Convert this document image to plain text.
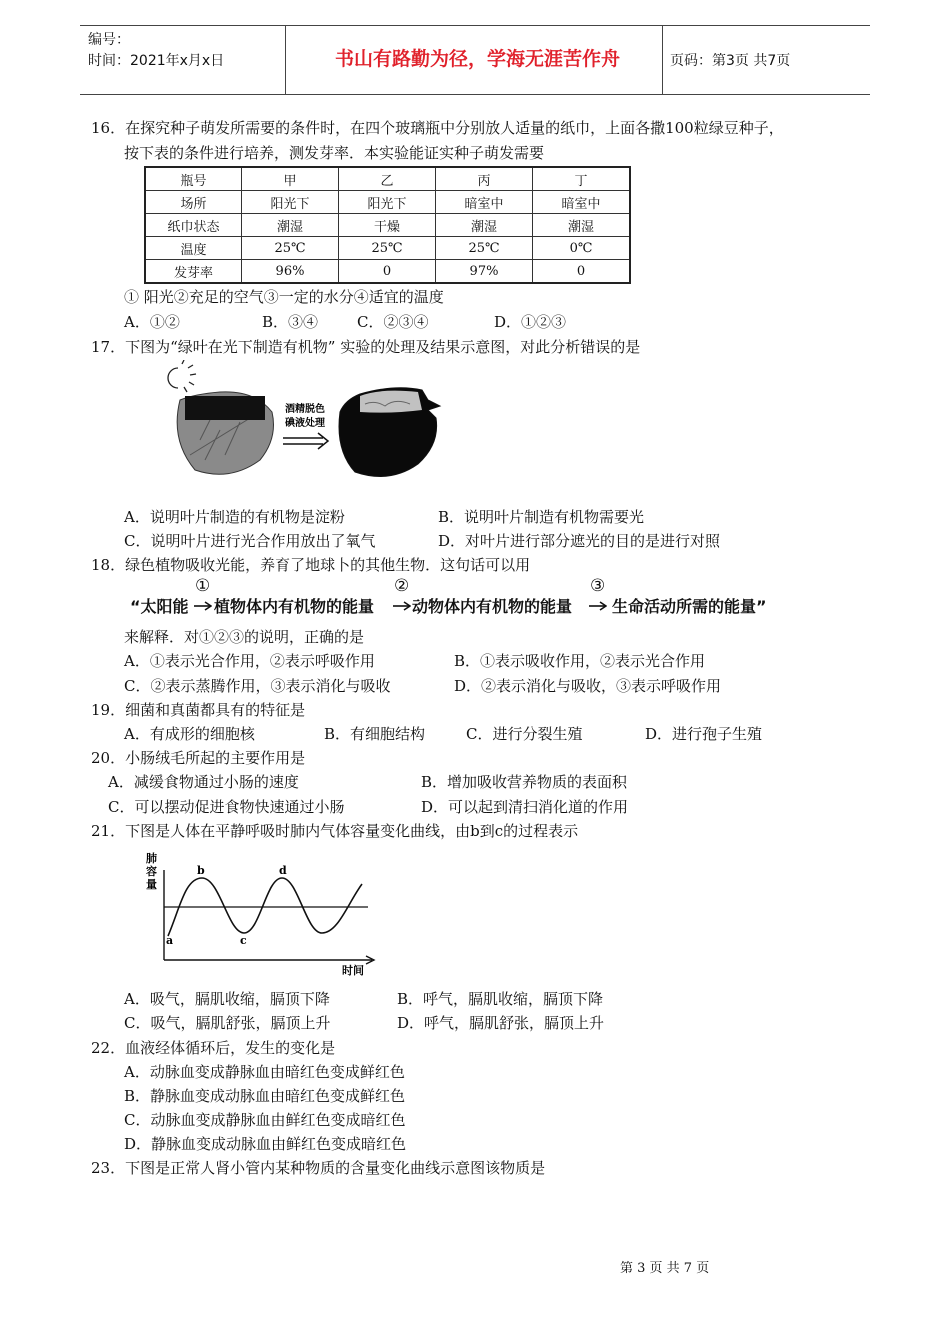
编号：
时间：2021年x月x日	书山有路勤为径，学海无涯苦作舟	页码：第3页 共7页
16．在探究种子萌发所需要的条件时，在四个玻璃瓶中分别放人适量的纸巾，上面各撒100粒绿豆种子，
按下表的条件进行培养，测发芽率．本实验能证实种子萌发需要
瓶号	甲	乙	丙	丁
场所	阳光下	阳光下	暗室中	暗室中
纸巾状态	潮湿	干燥	潮湿	潮湿
温度	25℃	25℃	25℃	0℃
发芽率	96%	0	97%	0
① 阳光②充足的空气③一定的水分④适宜的温度
A．①②	B．③④	C．②③④	D．①②③
17．下图为“绿叶在光下制造有机物” 实验的处理及结果示意图，对此分析错误的是
酒精脱色
碘液处理
A．说明叶片制造的有机物是淀粉	B．说明叶片制造有机物需要光
C．说明叶片进行光合作用放出了氧气	D．对叶片进行部分遮光的目的是进行对照
18．绿色植物吸收光能，养育了地球卜的其他生物．这句话可以用
“太阳能
①
植物体内有机物的能量
②
动物体内有机物的能量
③
生命活动所需的能量”
来解释．对①②③的说明，正确的是
A．①表示光合作用，②表示呼吸作用	B．①表示吸收作用，②表示光合作用
C．②表示蒸腾作用，③表示消化与吸收	D．②表示消化与吸收，③表示呼吸作用
19．细菌和真菌都具有的特征是
A．有成形的细胞核	B．有细胞结构	C．进行分裂生殖	D．进行孢子生殖
20．小肠绒毛所起的主要作用是
A．减缓食物通过小肠的速度	B．增加吸收营养物质的表面积
C．可以摆动促进食物快速通过小肠	D．可以起到清扫消化道的作用
21．下图是人体在平静呼吸时肺内气体容量变化曲线，由b到c的过程表示
肺
容
量
a
b
c
d
时间
A．吸气，膈肌收缩，膈顶下降	B．呼气，膈肌收缩，膈顶下降
C．吸气，膈肌舒张，膈顶上升	D．呼气，膈肌舒张，膈顶上升
22．血液经体循环后，发生的变化是
A．动脉血变成静脉血由暗红色变成鲜红色
B．静脉血变成动脉血由暗红色变成鲜红色
C．动脉血变成静脉血由鲜红色变成暗红色
D．静脉血变成动脉血由鲜红色变成暗红色
23．下图是正常人肾小管内某种物质的含量变化曲线示意图该物质是
第 3 页 共 7 页
